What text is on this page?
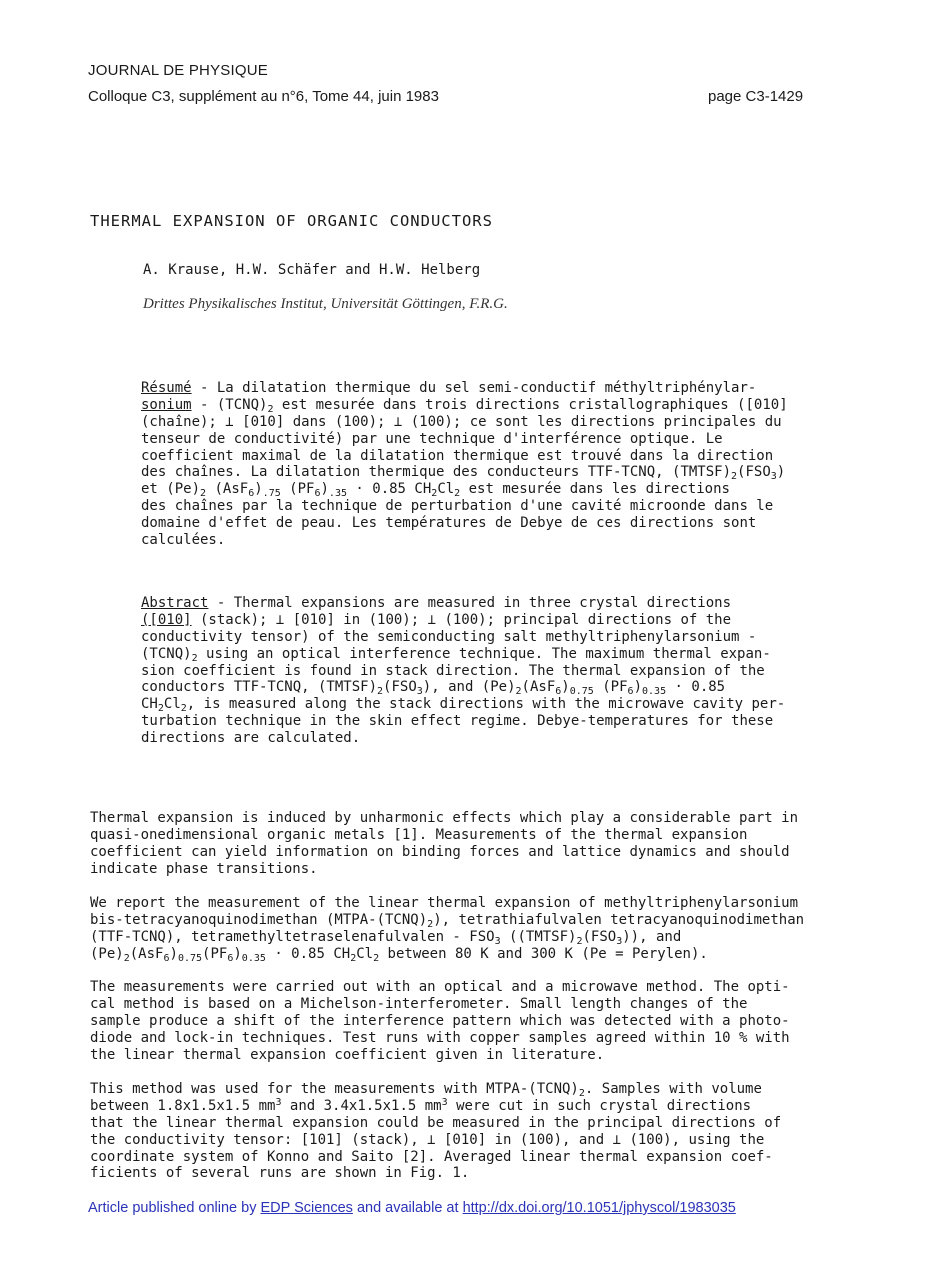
JOURNAL DE PHYSIQUE
Colloque C3, supplément au n°6, Tome 44, juin 1983	page C3-1429
THERMAL EXPANSION OF ORGANIC CONDUCTORS
A. Krause, H.W. Schäfer and H.W. Helberg
Drittes Physikalisches Institut, Universität Göttingen, F.R.G.
Résumé - La dilatation thermique du sel semi-conductif méthyltriphénylar-
sonium - $(TCNQ)_2$ est mesurée dans trois directions cristallographiques ([010]
(chaîne); ⊥ [010] dans (100); ⊥ (100); ce sont les directions principales du
tenseur de conductivité) par une technique d'interférence optique. Le
coefficient maximal de la dilatation thermique est trouvé dans la direction
des chaînes. La dilatation thermique des conducteurs TTF-TCNQ, $(TMTSF)_2(FSO_3)$
et $(Pe)_2$ $(AsF_6)_{.75}$ $(PF_6)_{.35} \cdot 0.85$ $CH_2Cl_2$ est mesurée dans les directions
des chaînes par la technique de perturbation d'une cavité microonde dans le
domaine d'effet de peau. Les températures de Debye de ces directions sont
calculées.
Abstract - Thermal expansions are measured in three crystal directions
([010] (stack); ⊥ [010] in (100); ⊥ (100); principal directions of the
conductivity tensor) of the semiconducting salt methyltriphenylarsonium -
$(TCNQ)_2$ using an optical interference technique. The maximum thermal expan-
sion coefficient is found in stack direction. The thermal expansion of the
conductors TTF-TCNQ, $(TMTSF)_2(FSO_3)$, and $(Pe)_2(AsF_6)_{0.75}$ $(PF_6)_{0.35} \cdot 0.85$
$CH_2Cl_2$, is measured along the stack directions with the microwave cavity per-
turbation technique in the skin effect regime. Debye-temperatures for these
directions are calculated.
Thermal expansion is induced by unharmonic effects which play a considerable part in
quasi-onedimensional organic metals [1]. Measurements of the thermal expansion
coefficient can yield information on binding forces and lattice dynamics and should
indicate phase transitions.
We report the measurement of the linear thermal expansion of methyltriphenylarsonium
bis-tetracyanoquinodimethan $(MTPA-(TCNQ)_2)$, tetrathiafulvalen tetracyanoquinodimethan
(TTF-TCNQ), tetramethyltetraselenafulvalen - $FSO_3$ $((TMTSF)_2(FSO_3))$, and
$(Pe)_2(AsF_6)_{0.75}(PF_6)_{0.35} \cdot 0.85$ $CH_2Cl_2$ between 80 K and 300 K (Pe = Perylen).
The measurements were carried out with an optical and a microwave method. The opti-
cal method is based on a Michelson-interferometer. Small length changes of the
sample produce a shift of the interference pattern which was detected with a photo-
diode and lock-in techniques. Test runs with copper samples agreed within 10 % with
the linear thermal expansion coefficient given in literature.
This method was used for the measurements with MTPA-$(TCNQ)_2$. Samples with volume
between 1.8x1.5x1.5 $mm^3$ and 3.4x1.5x1.5 $mm^3$ were cut in such crystal directions
that the linear thermal expansion could be measured in the principal directions of
the conductivity tensor: [101] (stack), ⊥ [010] in (100), and ⊥ (100), using the
coordinate system of Konno and Saito [2]. Averaged linear thermal expansion coef-
ficients of several runs are shown in Fig. 1.
Article published online by EDP Sciences and available at http://dx.doi.org/10.1051/jphyscol/1983035
